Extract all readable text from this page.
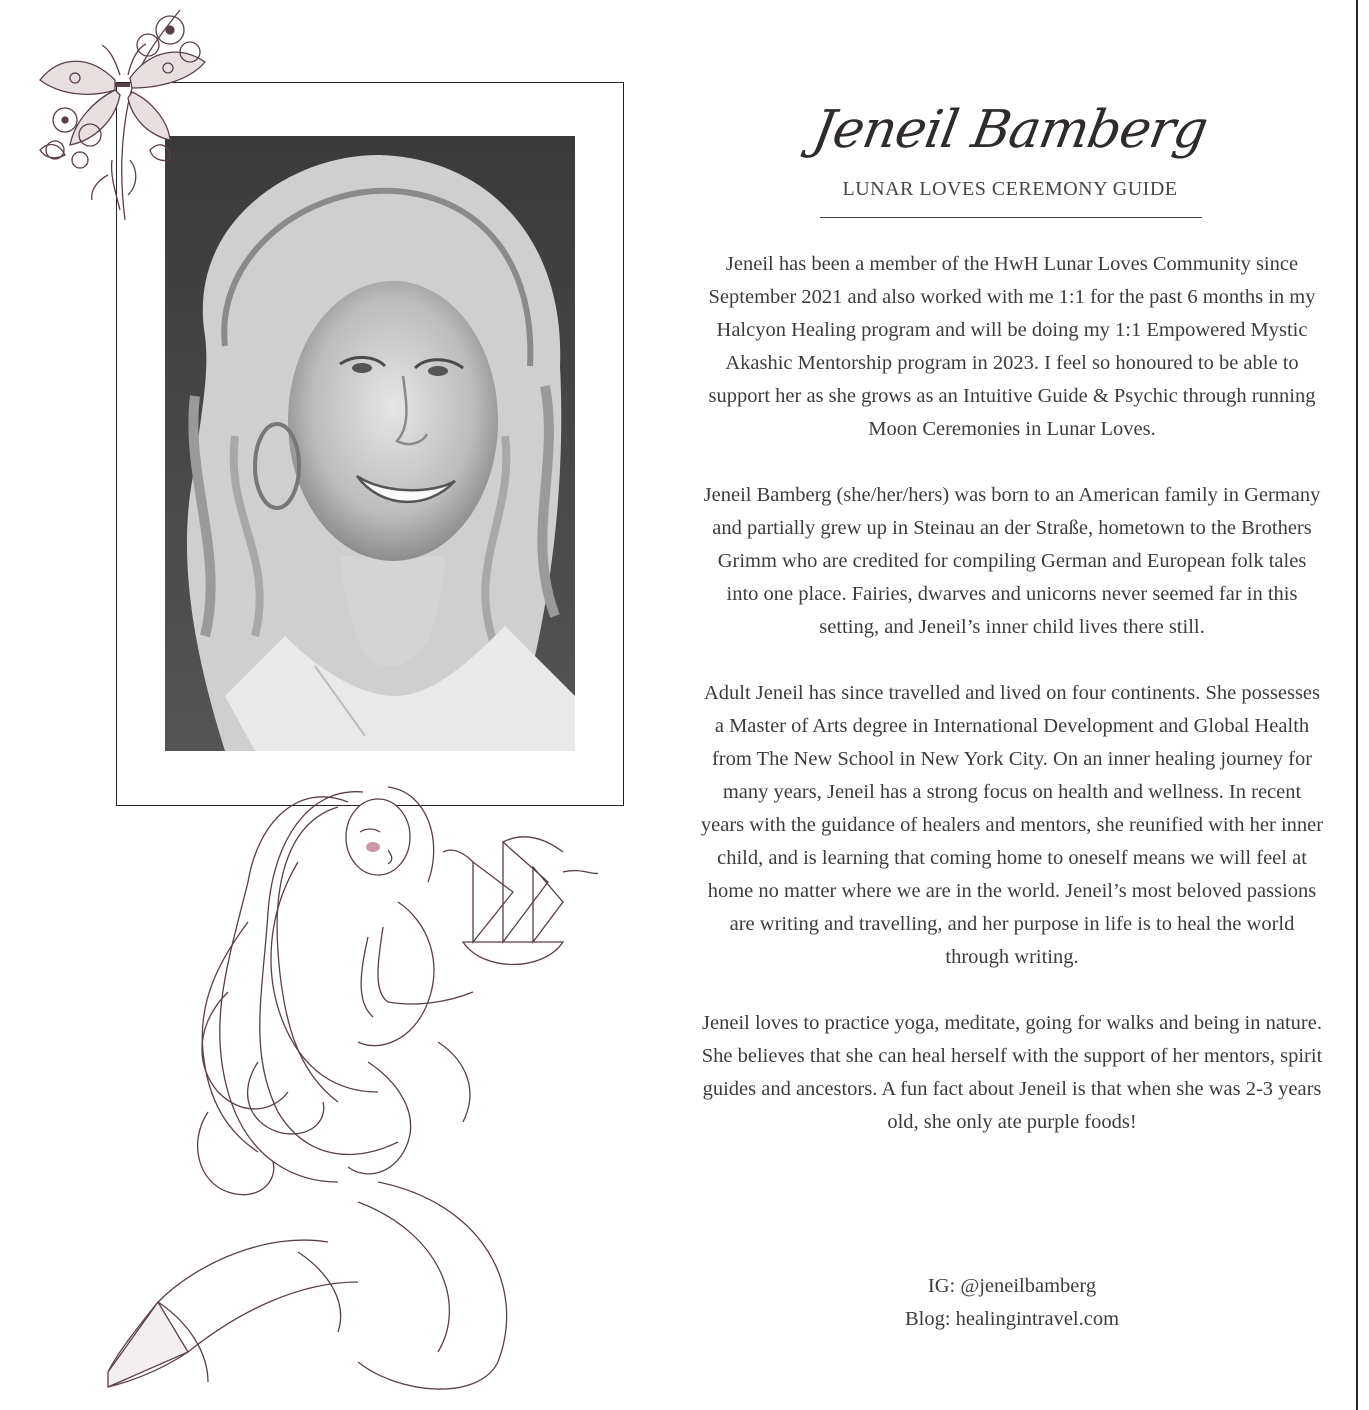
Jeneil Bamberg
LUNAR LOVES CEREMONY GUIDE

Jeneil has been a member of the HwH Lunar Loves Community since September 2021 and also worked with me 1:1 for the past 6 months in my Halcyon Healing program and will be doing my 1:1 Empowered Mystic Akashic Mentorship program in 2023. I feel so honoured to be able to support her as she grows as an Intuitive Guide & Psychic through running Moon Ceremonies in Lunar Loves.

Jeneil Bamberg (she/her/hers) was born to an American family in Germany and partially grew up in Steinau an der Straße, hometown to the Brothers Grimm who are credited for compiling German and European folk tales into one place. Fairies, dwarves and unicorns never seemed far in this setting, and Jeneil’s inner child lives there still.

Adult Jeneil has since travelled and lived on four continents. She possesses a Master of Arts degree in International Development and Global Health from The New School in New York City. On an inner healing journey for many years, Jeneil has a strong focus on health and wellness. In recent years with the guidance of healers and mentors, she reunified with her inner child, and is learning that coming home to oneself means we will feel at home no matter where we are in the world. Jeneil’s most beloved passions are writing and travelling, and her purpose in life is to heal the world through writing.

Jeneil loves to practice yoga, meditate, going for walks and being in nature. She believes that she can heal herself with the support of her mentors, spirit guides and ancestors. A fun fact about Jeneil is that when she was 2-3 years old, she only ate purple foods!

IG: @jeneilbamberg
Blog: healingintravel.com
